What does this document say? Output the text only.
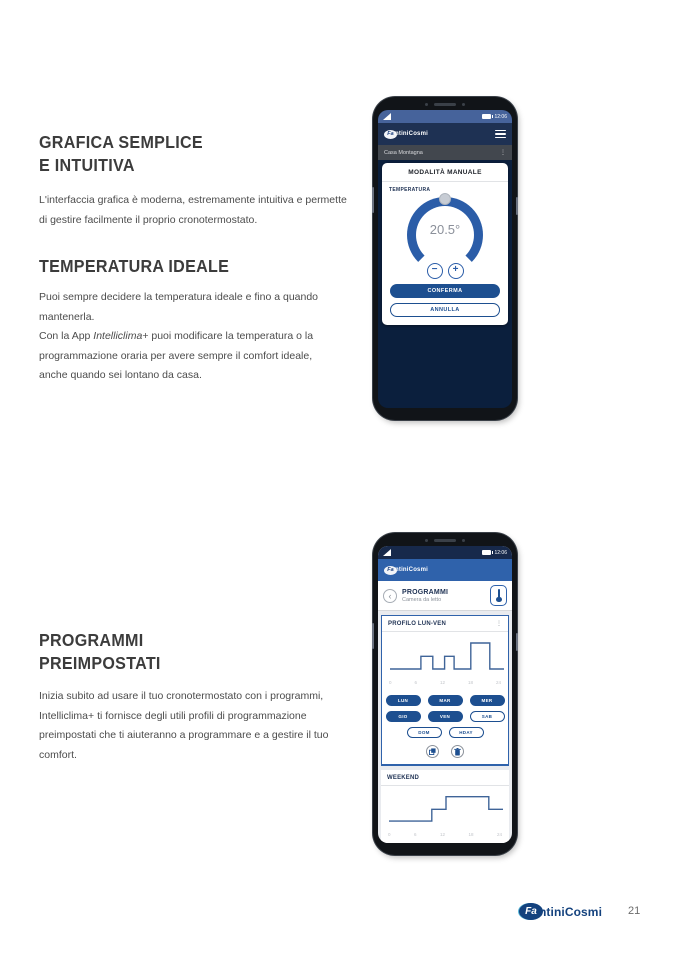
GRAFICA SEMPLICE
E INTUITIVA

L'interfaccia grafica è moderna, estremamente intuitiva e permette di gestire facilmente il proprio cronotermostato.

TEMPERATURA IDEALE

Puoi sempre decidere la temperatura ideale e fino a quando mantenerla.
Con la App Intelliclima+ puoi modificare la temperatura o la programmazione oraria per avere sempre il comfort ideale, anche quando sei lontano da casa.

12:06
Fa ntiniCosmi
Casa Montagna	⋮
MODALITÀ MANUALE
TEMPERATURA
20.5°
−	+
CONFERMA
ANNULLA
PROGRAMMI
PREIMPOSTATI

Inizia subito ad usare il tuo cronotermostato con i programmi, Intelliclima+ ti fornisce degli utili profili di programmazione preimpostati che ti aiuteranno a programmare e a gestire il tuo comfort.

12:06
Fa ntiniCosmi
‹	PROGRAMMI
Camera da letto
PROFILO LUN-VEN	⋮
0	6	12	18	24
LUN	MAR	MER
GIO	VEN	SAB
DOM	HDAY
WEEKEND
0	6	12	18	24
Fa ntiniCosmi 21
